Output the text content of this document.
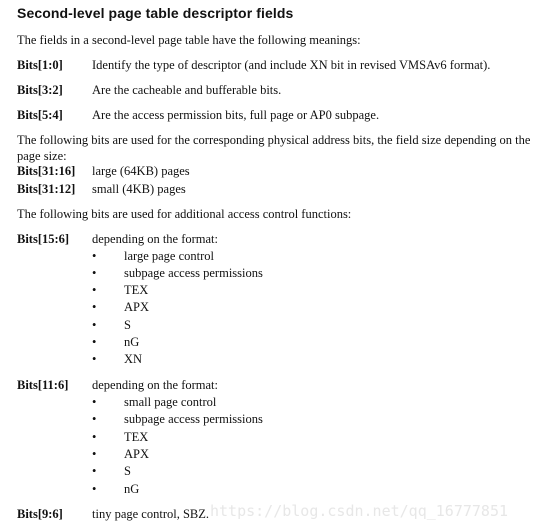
Second-level page table descriptor fields
The fields in a second-level page table have the following meanings:
Bits[1:0] Identify the type of descriptor (and include XN bit in revised VMSAv6 format).
Bits[3:2] Are the cacheable and bufferable bits.
Bits[5:4] Are the access permission bits, full page or AP0 subpage.
The following bits are used for the corresponding physical address bits, the field size depending on the page size:
Bits[31:16] large (64KB) pages
Bits[31:12] small (4KB) pages
The following bits are used for additional access control functions:
Bits[15:6] depending on the format:
• large page control
• subpage access permissions
• TEX
• APX
• S
• nG
• XN
Bits[11:6] depending on the format:
• small page control
• subpage access permissions
• TEX
• APX
• S
• nG
Bits[9:6] tiny page control, SBZ. https://blog.csdn.net/qq_16777851
